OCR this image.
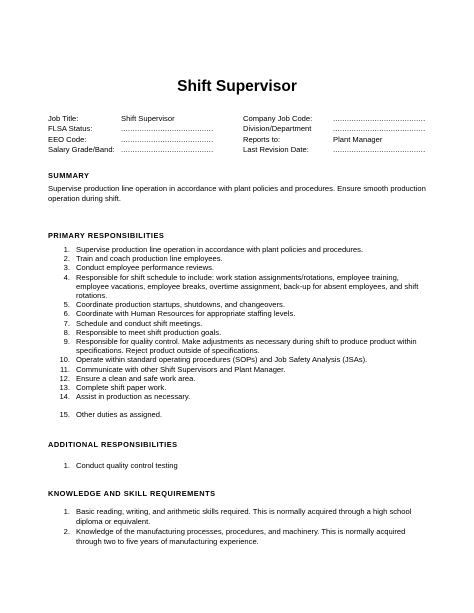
Shift Supervisor
Job Title:	Shift Supervisor
FLSA Status:	........................................
EEO Code:	........................................
Salary Grade/Band: ........................................
Company Job Code:	........................................
Division/Department	........................................
Reports to:	Plant Manager
Last Revision Date:	........................................
SUMMARY
Supervise production line operation in accordance with plant policies and procedures. Ensure smooth production operation during shift.
PRIMARY RESPONSIBILITIES
1. Supervise production line operation in accordance with plant policies and procedures.
2. Train and coach production line employees.
3. Conduct employee performance reviews.
4. Responsible for shift schedule to include: work station assignments/rotations, employee training, employee vacations, employee breaks, overtime assignment, back-up for absent employees, and shift rotations.
5. Coordinate production startups, shutdowns, and changeovers.
6. Coordinate with Human Resources for appropriate staffing levels.
7. Schedule and conduct shift meetings.
8. Responsible to meet shift production goals.
9. Responsible for quality control. Make adjustments as necessary during shift to produce product within specifications. Reject product outside of specifications.
10. Operate within standard operating procedures (SOPs) and Job Safety Analysis (JSAs).
11. Communicate with other Shift Supervisors and Plant Manager.
12. Ensure a clean and safe work area.
13. Complete shift paper work.
14. Assist in production as necessary.
15. Other duties as assigned.
ADDITIONAL RESPONSIBILITIES
1. Conduct quality control testing
KNOWLEDGE AND SKILL REQUIREMENTS
1. Basic reading, writing, and arithmetic skills required. This is normally acquired through a high school diploma or equivalent.
2. Knowledge of the manufacturing processes, procedures, and machinery. This is normally acquired through two to five years of manufacturing experience.
